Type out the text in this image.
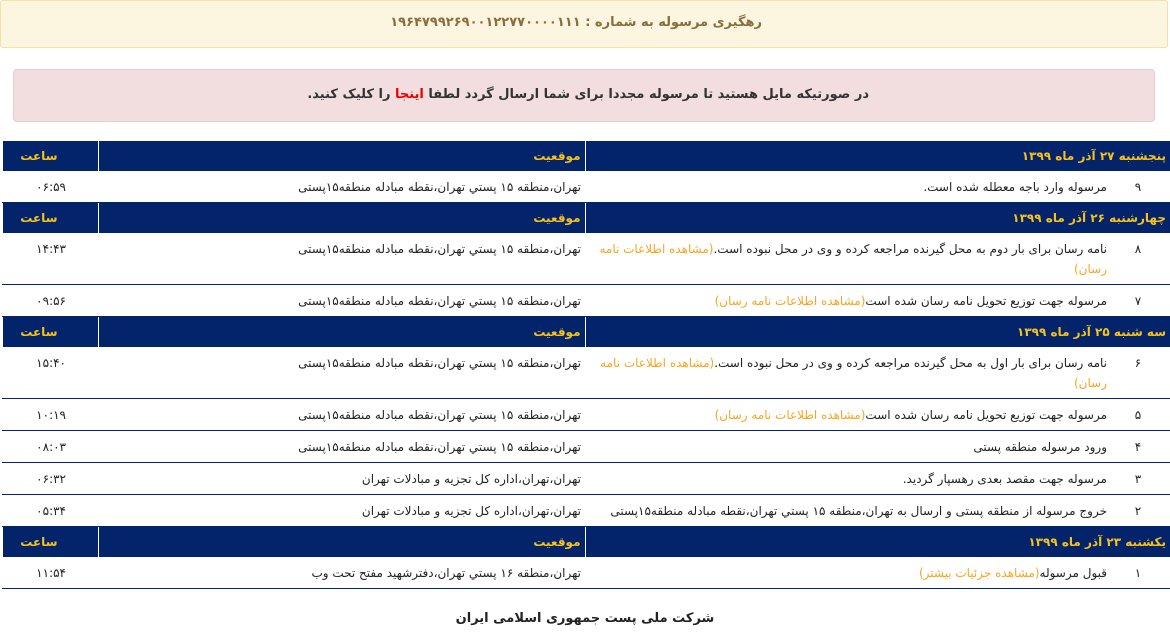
رهگیری مرسوله به شماره : ۱۹۶۴۷۹۹۲۶۹۰۰۱۲۲۷۷۰۰۰۰۱۱۱
در صورتیکه مایل هستید تا مرسوله مجددا برای شما ارسال گردد لطفا اینجا را کلیک کنید.
پنجشنبه ۲۷ آذر ماه ۱۳۹۹	موقعیت	ساعت

۹
مرسوله وارد باجه معطله شده است.	تهران،منطقه ۱۵ پستي تهران،نقطه مبادله منطقه۱۵پستی	۰۶:۵۹
چهارشنبه ۲۶ آذر ماه ۱۳۹۹	موقعیت	ساعت

۸
نامه رسان برای بار دوم به محل گیرنده مراجعه کرده و وی در محل نبوده است.(مشاهده اطلاعات نامه رسان)	تهران،منطقه ۱۵ پستي تهران،نقطه مبادله منطقه۱۵پستی	۱۴:۴۳

۷
مرسوله جهت توزیع تحویل نامه رسان شده است(مشاهده اطلاعات نامه رسان)	تهران،منطقه ۱۵ پستي تهران،نقطه مبادله منطقه۱۵پستی	۰۹:۵۶
سه شنبه ۲۵ آذر ماه ۱۳۹۹	موقعیت	ساعت

۶
نامه رسان برای بار اول به محل گیرنده مراجعه کرده و وی در محل نبوده است.(مشاهده اطلاعات نامه رسان)	تهران،منطقه ۱۵ پستي تهران،نقطه مبادله منطقه۱۵پستی	۱۵:۴۰

۵
مرسوله جهت توزیع تحویل نامه رسان شده است(مشاهده اطلاعات نامه رسان)	تهران،منطقه ۱۵ پستي تهران،نقطه مبادله منطقه۱۵پستی	۱۰:۱۹

۴
ورود مرسوله منطقه پستی	تهران،منطقه ۱۵ پستي تهران،نقطه مبادله منطقه۱۵پستی	۰۸:۰۳

۳
مرسوله جهت مقصد بعدی رهسپار گردید.	تهران،تهران،اداره کل تجزیه و مبادلات تهران	۰۶:۳۲

۲
خروج مرسوله از منطقه پستی و ارسال به تهران،منطقه ۱۵ پستي تهران،نقطه مبادله منطقه۱۵پستی	تهران،تهران،اداره کل تجزیه و مبادلات تهران	۰۵:۳۴
یکشنبه ۲۳ آذر ماه ۱۳۹۹	موقعیت	ساعت

۱
قبول مرسوله(مشاهده جزئیات بیشتر)	تهران،منطقه ۱۶ پستي تهران،دفترشهید مفتح تحت وب	۱۱:۵۴
شرکت ملی پست جمهوری اسلامی ایران
